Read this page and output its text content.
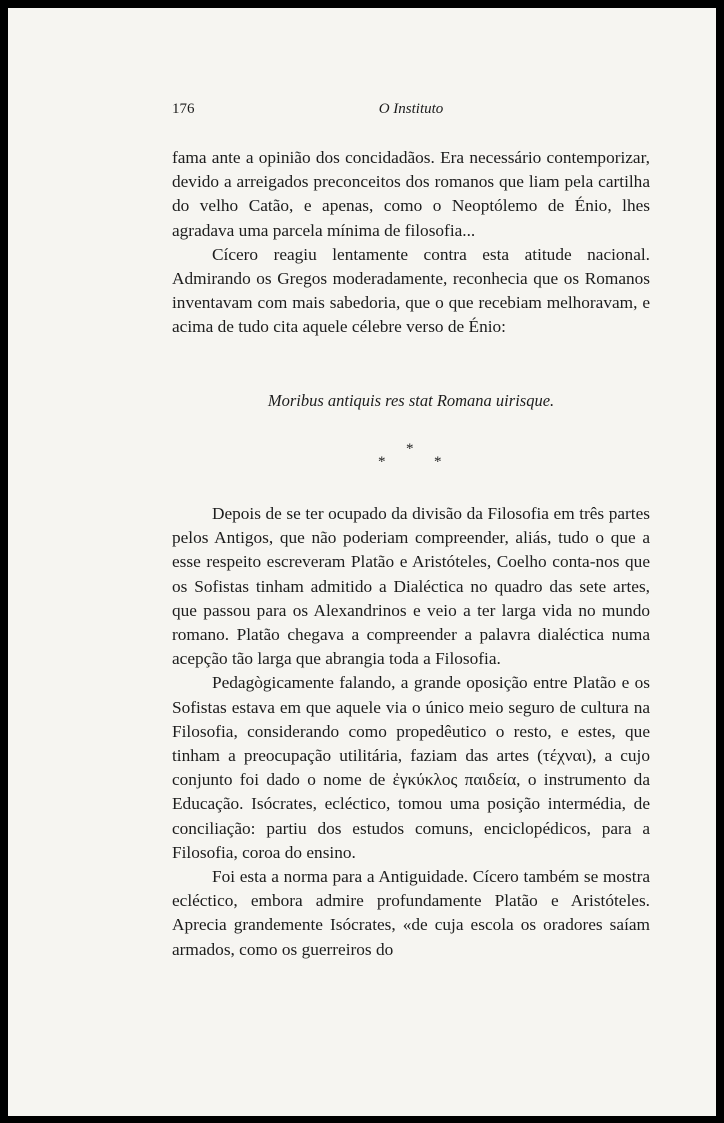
176	O Instituto

fama ante a opinião dos concidadãos. Era necessário contemporizar, devido a arreigados preconceitos dos romanos que liam pela cartilha do velho Catão, e apenas, como o Neoptólemo de Énio, lhes agradava uma parcela mínima de filosofia...

Cícero reagiu lentamente contra esta atitude nacional. Admirando os Gregos moderadamente, reconhecia que os Romanos inventavam com mais sabedoria, que o que recebiam melhoravam, e acima de tudo cita aquele célebre verso de Énio:

Moribus antiquis res stat Romana uirisque.
*
*	*

Depois de se ter ocupado da divisão da Filosofia em três partes pelos Antigos, que não poderiam compreender, aliás, tudo o que a esse respeito escreveram Platão e Aristóteles, Coelho conta-nos que os Sofistas tinham admitido a Dialéctica no quadro das sete artes, que passou para os Alexandrinos e veio a ter larga vida no mundo romano. Platão chegava a compreender a palavra dialéctica numa acepção tão larga que abrangia toda a Filosofia.

Pedagògicamente falando, a grande oposição entre Platão e os Sofistas estava em que aquele via o único meio seguro de cultura na Filosofia, considerando como propedêutico o resto, e estes, que tinham a preocupação utilitária, faziam das artes (τέχναι), a cujo conjunto foi dado o nome de ἐγκύκλος παιδεία, o instrumento da Educação. Isócrates, ecléctico, tomou uma posição intermédia, de conciliação: partiu dos estudos comuns, enciclopédicos, para a Filosofia, coroa do ensino.

Foi esta a norma para a Antiguidade. Cícero também se mostra ecléctico, embora admire profundamente Platão e Aristóteles. Aprecia grandemente Isócrates, «de cuja escola os oradores saíam armados, como os guerreiros do
